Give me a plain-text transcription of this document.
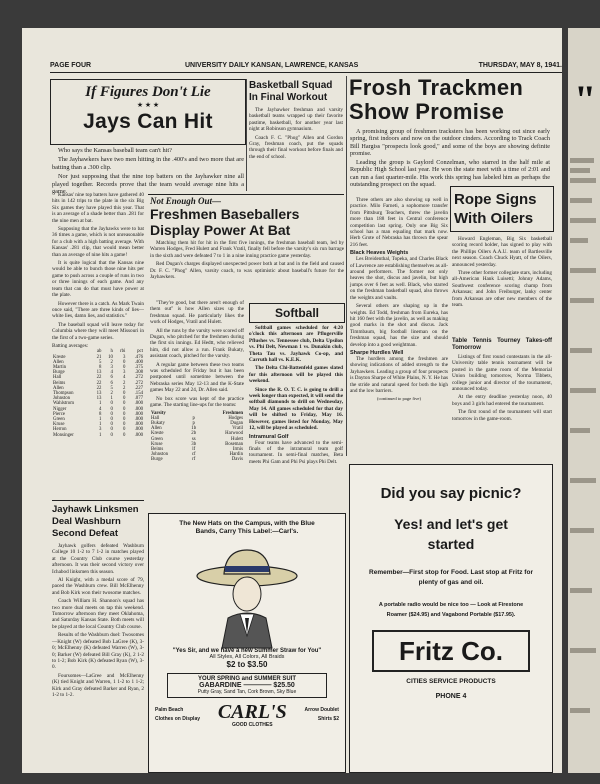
"
PAGE FOUR	UNIVERSITY DAILY KANSAN, LAWRENCE, KANSAS	THURSDAY, MAY 8, 1941.
If Figures Don't Lie
★ ★ ★
Jays Can Hit

Who says the Kansas baseball team can't hit?

The Jayhawkers have two men hitting in the .400's and two more that are batting than a .300 clip.

Nor just supposing that the nine top batters on the Jayhawker nine all played together. Records prove that the team would average nine hits a game.

Kansas' nine top batters have gathered 40 hits in 142 trips to the plate in the six Big Six games they have played this year. That is an average of a shade better than .281 for the nine men at bat.

Supposing that the Jayhawks were to bat 36 times a game, which is not unreasonable for a club with a high batting average. With Kansas' .281 clip, that would mean better than an average of nine hits a game!

It is quite logical that the Kansas nine would be able to bunch those nine hits per game to push across a couple of runs in two or three innings of each game. And any team that can do that must have power at the plate.

However there is a catch. As Mark Twain once said, "There are three kinds of lies—white lies, damn lies, and statistics."

The baseball squad will leave today for Columbia where they will meet Missouri in the first of a two-game series.

Batting averages:
	ab	h	rbi	pct
Kreste	21	10	3	.476
Allen	5	2	0	.400
Martin	8	3	0	.375
Burge	13	4	3	.308
Hall	22	6	4	.272
Beims	22	6	2	.272
Allen	22	5	2	.227
Thompson	13	2	0	.154
Johnston	13	1	0	.077
Wahlstrom	1	0	0	.000
Nigger	4	0	0	.000
Pierce	8	0	0	.000
Green	1	0	0	.000
Kruse	1	0	0	.000
Herron	3	0	0	.000
Monsinger	1	0	0	.000
Jayhawk Linksmen Deal Washburn Second Defeat

Jayhawk golfers defeated Washburn College 10 1-2 to 7 1-2 in matches played at the Country Club course yesterday afternoon. It was their second victory over Ichabod linksmen this season.

Al Knight, with a medal score of 79, paced the Washburn crew. Bill McElhenny and Bob Kirk won their twosome matches.

Coach William H. Shannon's squad has two more dual meets on tap this weekend. Tomorrow afternoon they meet Oklahoma, and Saturday Kansas State. Both meets will be played at the local Country Club course.

Results of the Washburn duel: Twosomes—Knight (W) defeated Bob LaGree (K), 3-0; McElhenny (K) defeated Warren (W), 3-0; Barker (W) defeated Bill Gray (K), 2 1-2 to 1-2; Bob Kirk (K) defeated Ryan (W), 3-0.

Foursomes—LaGree and McElhenny (K) tied Knight and Warren, 1 1-2 to 1 1-2; Kirk and Gray defeated Barker and Ryan, 2 1-2 to 1-2.

Basketball Squad In Final Workout

The Jayhawker freshman and varsity basketball teams wrapped up their favorite pastime, basketball, for another year last night at Robinson gymnasium.

Coach F. C. "Phog" Allen and Gordon Gray, freshman coach, put the squads through their final workout before finals and the end of school.

Not Enough Out—
Freshmen Baseballers Display Power At Bat

Matching them hit for hit in the first five innings, the freshman baseball team, led by Warren Hodges, Fred Hulett and Frank Vratil, finally fell before the varsity's six run barrage in the sixth and were defeated 7 to 1 in a nine inning practice game yesterday.

Red Dugan's charges displayed unexpected power both at bat and in the field and caused Dr. F. C. "Phog" Allen, varsity coach, to wax optimistic about baseball's future for the Jayhawkers.

"They're good, but there aren't enough of them out" is how Allen sizes up the freshman squad. He particularly likes the work of Hodges, Vratil and Hulett.

All the runs by the varsity were scored off Dugan, who pitched for the freshmen during the first six innings. Ed Hedtt, who relieved him, did not allow a run. Frank Bukaty, assistant coach, pitched for the varsity.

A regular game between these two teams was scheduled for Friday but it has been postponed until sometime between the Nebraska series May 12-13 and the K-State games May 22 and 24, Dr. Allen said.

No box score was kept of the practice game. The starting line-ups for the teams:

Varsity		Freshmen
Hall	p	Hodges
Bukaty	p	Dugan
Allen	1b	Vratil
Kreste	2b	Harwood
Green	ss	Hulett
Kruse	3b	Boseman
Beims	lf	Irmis
Johnston	cf	Hardin
Burge	rf	Davis
Softball

Softball games scheduled for 4:20 o'clock this afternoon are Pflugerville Pflushes vs. Tennessee club, Delta Upsilon vs. Phi Delt, Newman 1 vs. Dunakin club, Theta Tau vs. Jayhawk Co-op, and Carruth hall vs. K.E.K.

The Delta Chi-Battenfeld games slated for this afternoon will be played this weekend.

Since the R. O. T. C. is going to drill a week longer than expected, it will send the softball diamonds to drill on Wednesday, May 14. All games scheduled for that day will be shifted to Friday, May 16. However, games listed for Monday, May 12, will be played as scheduled.

Intramural Golf

Four teams have advanced to the semi-finals of the intramural team golf tournament. In semi-final matches, Beta meets Phi Gam and Phi Psi plays Phi Delt.

Frosh Trackmen Show Promise

A promising group of freshmen tracksters has been working out since early spring, first indoors and now on the outdoor cinders. According to Track Coach Bill Hargiss "prospects look good," and some of the boys are showing definite promise.

Leading the group is Gaylord Conzelman, who starred in the half mile at Republic High School last year. He won the state meet with a time of 2:01 and can run a fast quarter-mile. His work this spring has labeled him as perhaps the outstanding prospect on the squad.

Three others are also showing up well in practice. Milo Farneti, a sophomore transfer from Pittsburg Teachers, threw the javelin more than 188 feet in Central conference competition last spring. Only one Big Six school has a man equaling that mark now. Herb Grote of Nebraska has thrown the spear 216 feet.

Black Heaves Weights

Les Breidenthal, Topeka, and Charles Black of Lawrence are establishing themselves as all-around performers. The former not only heaves the shot, discus and javelin, but high jumps over 6 feet as well. Black, who starred on the freshman basketball squad, also throws the weights and vaults.

Several others are shaping up in the weights. Ed Todd, freshman from Eureka, has hit 160 feet with the javelin, as well as making good marks in the shot and discus. Jack Timmbaum, big football lineman on the freshman squad, has the size and should develop into a good weightman.

Sharpe Hurdles Well

The hurdlers among the freshmen are showing indications of added strength to the Jayhawkers. Leading a group of four prospects is Dayton Sharpe of White Plains, N. Y. He has the stride and natural speed for both the high and the low barriers.

(continued to page five)
Rope Signs With Oilers

Howard Engleman, Big Six basketball scoring record holder, has signed to play with the Phillips Oilers A.A.U. team of Bartlesville next season. Coach Chuck Hyatt, of the Oilers, announced yesterday.

Three other former collegiate stars, including all-American Hank Luisetti; Johnny Adams, Southwest conference scoring champ from Arkansas; and John Freiburger, lanky center from Arkansas are other new members of the team.

Table Tennis Tourney Takes-off Tomorrow

Listings of first round contestants in the all-University table tennis tournament will be posted in the game room of the Memorial Union building tomorrow, Norma Tibbets, college junior and director of the tournament, announced today.

At the entry deadline yesterday noon, 40 boys and 3 girls had entered the tournament.

The first round of the tournament will start tomorrow in the game-room.

The New Hats on the Campus, with the Blue Bands, Carry This Label:—Carl's.
"Yes Sir, and we have a new Summer Straw for You"
All Styles, All Colors, All Braids
$2 to $3.50
YOUR SPRING and SUMMER SUIT
GABARDINE ———— $25.50
Putty Gray, Sand Tan, Cork Brown, Sky Blue
Palm Beach
Clothes on Display CARL'S
GOOD CLOTHES
Arrow Doublet
Shirts $2
Did you say picnic?
Yes! and let's get started
Remember—First stop for Food. Last stop at Fritz for plenty of gas and oil.
A portable radio would be nice too — Look at Firestone
Roamer ($24.95) and Vagabond Portable ($17.95).
Fritz Co.
CITIES SERVICE PRODUCTS
PHONE 4
